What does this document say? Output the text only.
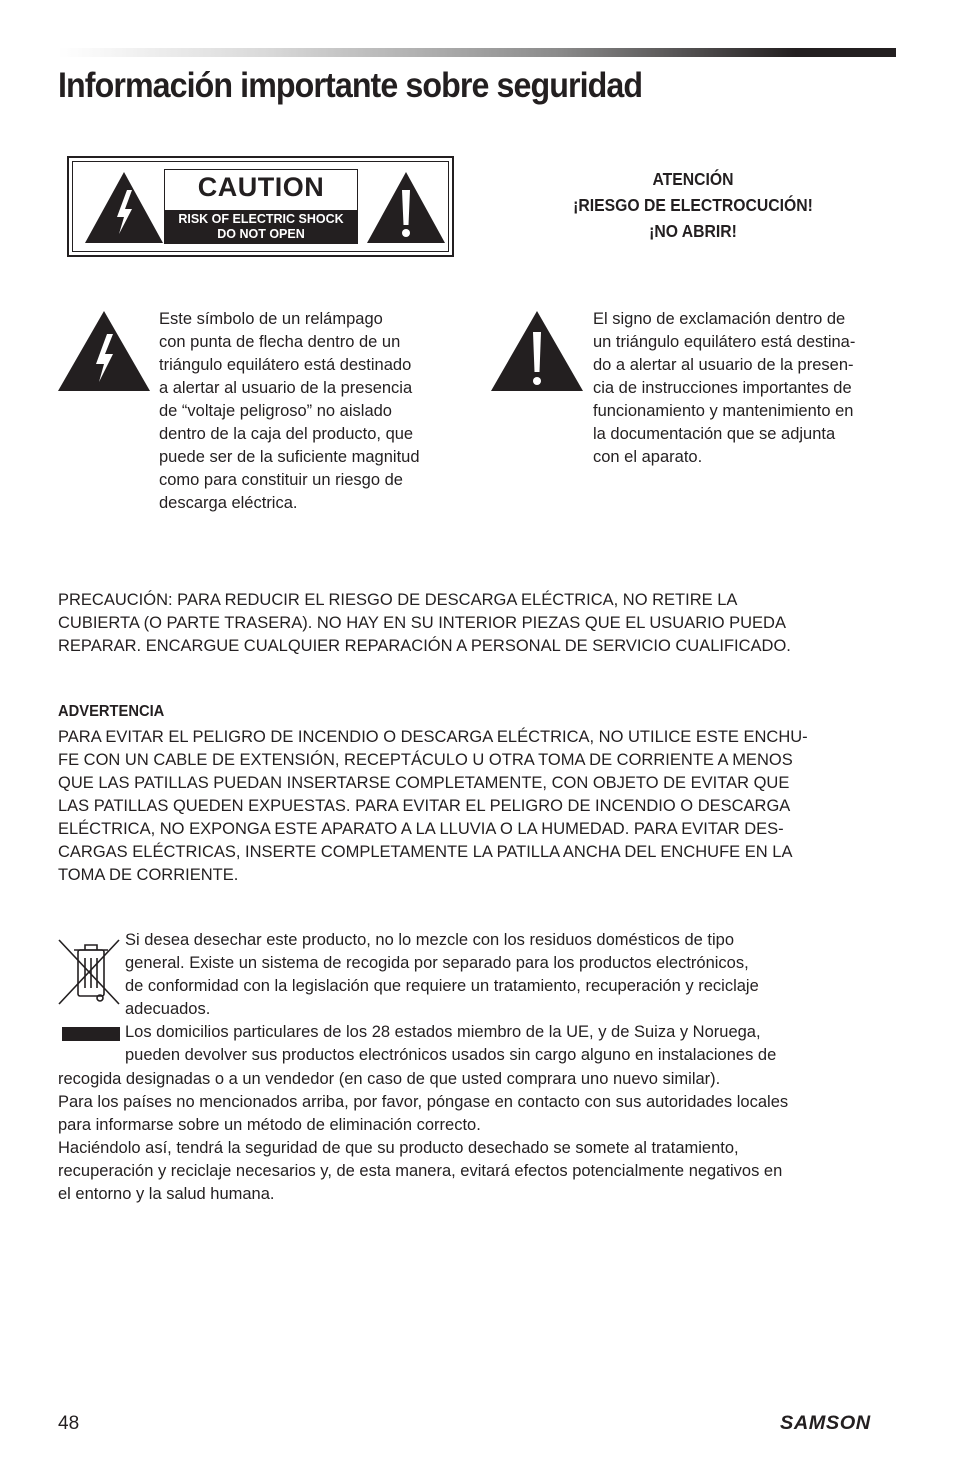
Información importante sobre seguridad
CAUTION
RISK OF ELECTRIC SHOCK
DO NOT OPEN
ATENCIÓN
¡RIESGO DE ELECTROCUCIÓN!
¡NO ABRIR!

Este símbolo de un relámpago
con punta de flecha dentro de un
triángulo equilátero está destinado
a alertar al usuario de la presencia
de “voltaje peligroso” no aislado
dentro de la caja del producto, que
puede ser de la suficiente magnitud
como para constituir un riesgo de
descarga eléctrica.

El signo de exclamación dentro de
un triángulo equilátero está destina-
do a alertar al usuario de la presen-
cia de instrucciones importantes de
funcionamiento y mantenimiento en
la documentación que se adjunta
con el aparato.

PRECAUCIÓN: PARA REDUCIR EL RIESGO DE DESCARGA ELÉCTRICA, NO RETIRE LA
CUBIERTA (O PARTE TRASERA). NO HAY EN SU INTERIOR PIEZAS QUE EL USUARIO PUEDA
REPARAR. ENCARGUE CUALQUIER REPARACIÓN A PERSONAL DE SERVICIO CUALIFICADO.

ADVERTENCIA

PARA EVITAR EL PELIGRO DE INCENDIO O DESCARGA ELÉCTRICA, NO UTILICE ESTE ENCHU-
FE CON UN CABLE DE EXTENSIÓN, RECEPTÁCULO U OTRA TOMA DE CORRIENTE A MENOS
QUE LAS PATILLAS PUEDAN INSERTARSE COMPLETAMENTE, CON OBJETO DE EVITAR QUE
LAS PATILLAS QUEDEN EXPUESTAS. PARA EVITAR EL PELIGRO DE INCENDIO O DESCARGA
ELÉCTRICA, NO EXPONGA ESTE APARATO A LA LLUVIA O LA HUMEDAD. PARA EVITAR DES-
CARGAS ELÉCTRICAS, INSERTE COMPLETAMENTE LA PATILLA ANCHA DEL ENCHUFE EN LA
TOMA DE CORRIENTE.

Si desea desechar este producto, no lo mezcle con los residuos domésticos de tipo
general. Existe un sistema de recogida por separado para los productos electrónicos,
de conformidad con la legislación que requiere un tratamiento, recuperación y reciclaje
adecuados.
Los domicilios particulares de los 28 estados miembro de la UE, y de Suiza y Noruega,
pueden devolver sus productos electrónicos usados sin cargo alguno en instalaciones de
recogida designadas o a un vendedor (en caso de que usted comprara uno nuevo similar).
Para los países no mencionados arriba, por favor, póngase en contacto con sus autoridades locales
para informarse sobre un método de eliminación correcto.
Haciéndolo así, tendrá la seguridad de que su producto desechado se somete al tratamiento,
recuperación y reciclaje necesarios y, de esta manera, evitará efectos potencialmente negativos en
el entorno y la salud humana.

48	SAMSON
